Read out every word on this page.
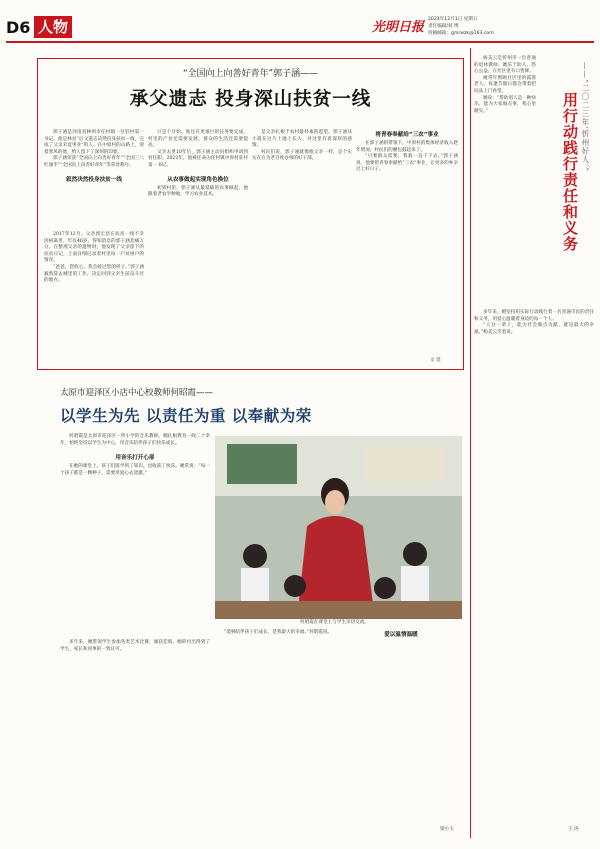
D6 人物	光明日报
2023年12月1日 星期五
责任编辑/刘 博
投稿邮箱：gmrwzk@163.com
“全国向上向善好青年”郭子涵——
承父遗志 投身深山扶贫一线

郭子涵是河南省林州市任村镇一位驻村第一书记。他是林县“后父遗志决然投身扶贫一线，完成了父亲未竟事业”的人。在中原村的山路上，迎着寒风的他，给人留下了深刻的印象。

郭子涵荣获“全国向上向善好青年”“全国三八红旗手”“全国向上向善好青年”等荣誉称号。

叙然决然投身扶贫一线

2017年12月，父亲郭宏昌在扶贫一线不幸因病离世，年仅46岁。得知消息的郭子涵悲痛万分。在整理父亲的遗物时，他发现了父亲留下的扶贫日记，上面详细记录着村里每一户贫困户的情况。

“爸爸，您放心，我会接过您的担子。”郭子涵毅然辞去城里的工作，决定回到父亲生前奋斗过的地方。

只是个开始。他还有更艰巨的任务要完成，村里的产业还需要发展，群众的生活还需要提高。

父亲去世10年后，郭子涵主动向组织申请到村任职。2022年，他被任命为任村镇中原村驻村第一书记。

从农事做起实现角色换位

初到村里，郭子涵从最基础的农事做起。他跟着老农学种地，学习农业技术。

是父亲扎根于农村最朴素的愿望。郭子涵从小就在这片土地上长大，对这里有着深厚的感情。

村民们说，郭子涵就像他父亲一样，是个实实在在为老百姓办事的好干部。

将青春奉献给“三农”事业

在郭子涵的带领下，中原村的集体经济收入逐年增加，村民们的腰包鼓起来了。

“只要群众需要，我就一直干下去。”郭子涵说，他要把青春奉献给“三农”事业，让更多的乡亲过上好日子。

文 萱

杨美云是忻州市一位普通的退休教师。她乐于助人，热心公益，在社区里有口皆碑。

她常年照顾社区里的孤寡老人，每逢节假日都会带着慰问品上门看望。

她说：“帮助别人是一种快乐，能为大家做点事，我心里踏实。”	——“二〇二三年‘忻州好人’”
用行动践行责任和义务

多年来，她坚持用实际行动践行着一名普通市民的责任和义务，用爱心温暖着身边的每一个人。

“人这一辈子，能为社会做点贡献，就是最大的幸福。”杨美云笑着说。

王 涛
太原市迎泽区小店中心校教师何昭霞——
以学生为先 以责任为重 以奉献为荣

何昭霞是太原市迎泽区一所小学的音乐教师。她扎根教育一线二十余年，始终坚持以学生为中心，用音乐陪伴孩子们快乐成长。

用音乐打开心扉

在她的课堂上，孩子们既学到了知识，也收获了快乐。她常说：“每一个孩子都是一颗种子，需要用爱心去浇灌。”

多年来，她带领学生参加各类艺术比赛，屡获佳绩。她的付出得到了学生、家长和同事的一致认可。

何昭霞在课堂上与学生亲切交流。

“能够陪伴孩子们成长，是我最大的幸福。”何昭霞说。	爱以温情温暖
梁小玉
